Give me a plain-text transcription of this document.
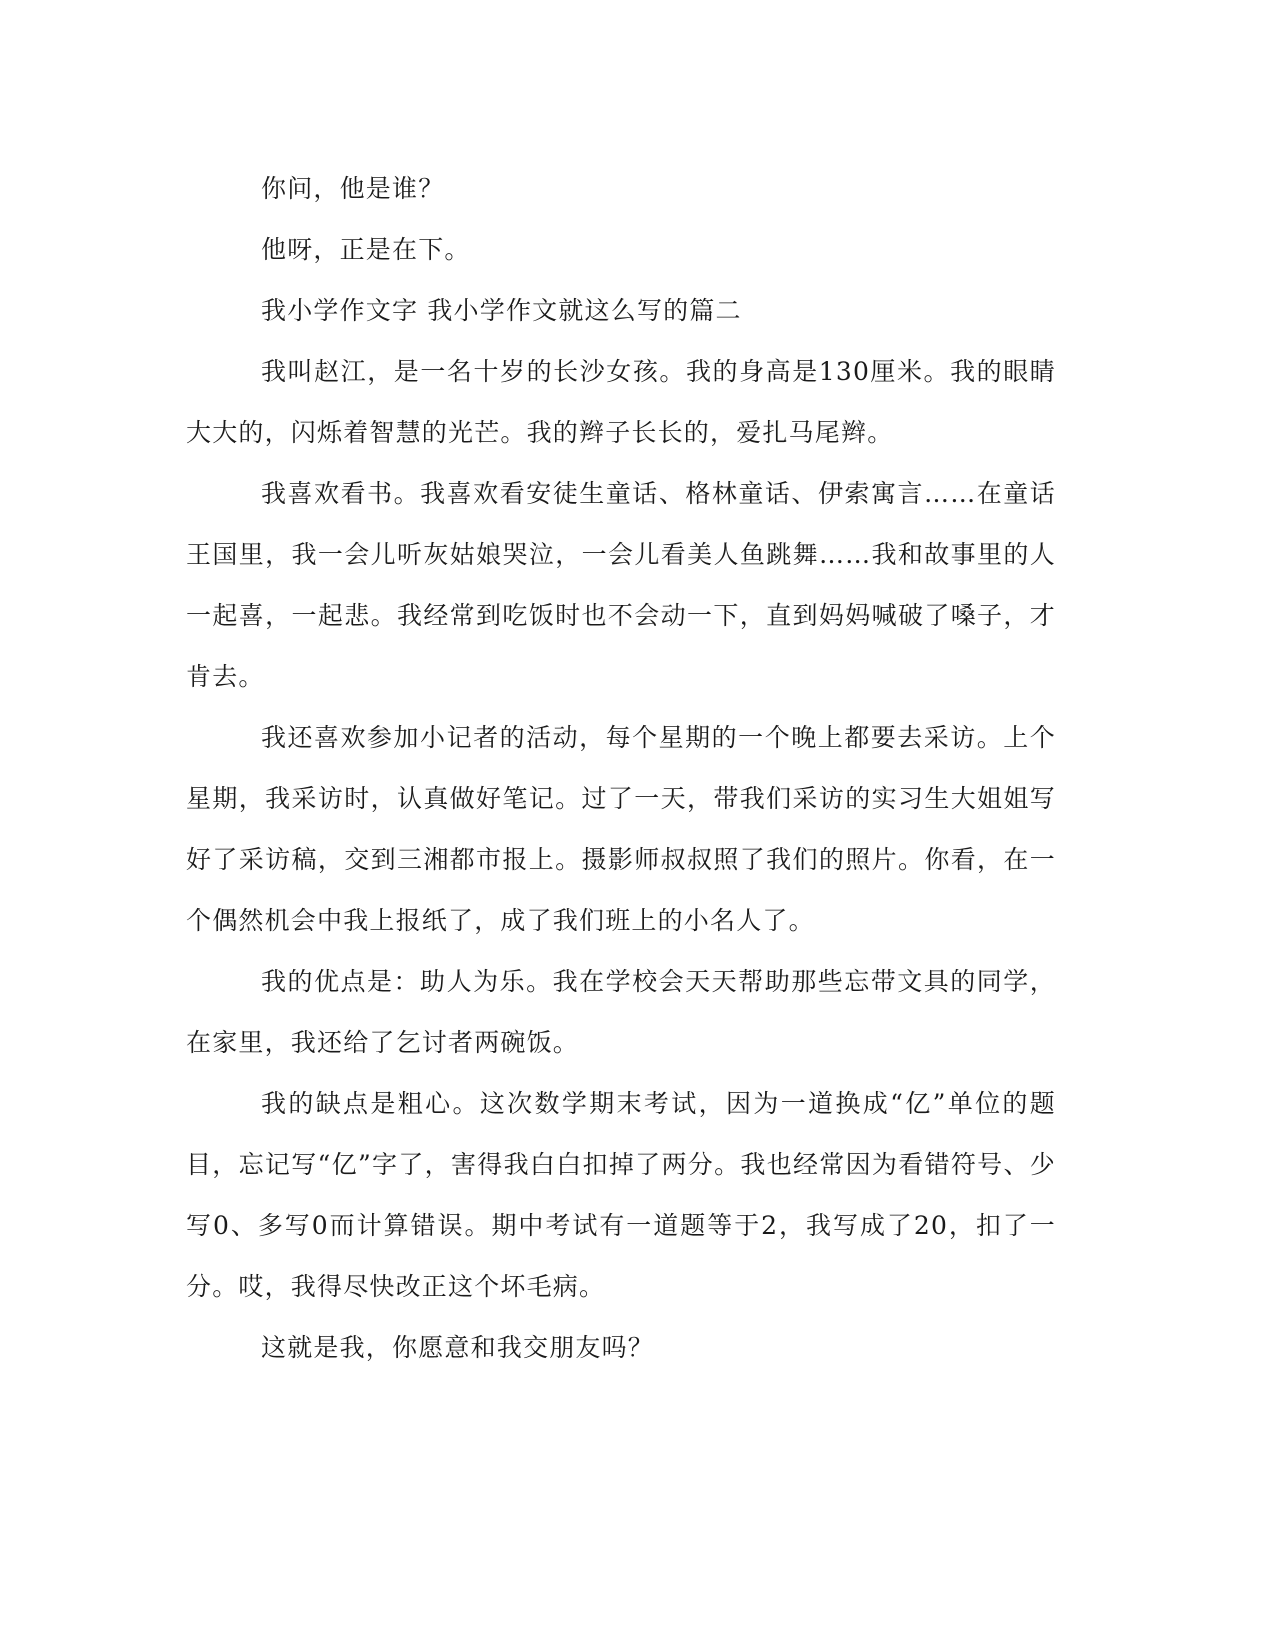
你问，他是谁？

他呀，正是在下。

我小学作文字 我小学作文就这么写的篇二

我叫赵江，是一名十岁的长沙女孩。我的身高是130厘米。我的眼睛大大的，闪烁着智慧的光芒。我的辫子长长的，爱扎马尾辫。

我喜欢看书。我喜欢看安徒生童话、格林童话、伊索寓言……在童话王国里，我一会儿听灰姑娘哭泣，一会儿看美人鱼跳舞……我和故事里的人一起喜，一起悲。我经常到吃饭时也不会动一下，直到妈妈喊破了嗓子，才肯去。

我还喜欢参加小记者的活动，每个星期的一个晚上都要去采访。上个星期，我采访时，认真做好笔记。过了一天，带我们采访的实习生大姐姐写好了采访稿，交到三湘都市报上。摄影师叔叔照了我们的照片。你看，在一个偶然机会中我上报纸了，成了我们班上的小名人了。

我的优点是：助人为乐。我在学校会天天帮助那些忘带文具的同学，在家里，我还给了乞讨者两碗饭。

我的缺点是粗心。这次数学期末考试，因为一道换成“亿”单位的题目，忘记写“亿”字了，害得我白白扣掉了两分。我也经常因为看错符号、少写0、多写0而计算错误。期中考试有一道题等于2，我写成了20，扣了一分。哎，我得尽快改正这个坏毛病。

这就是我，你愿意和我交朋友吗？
